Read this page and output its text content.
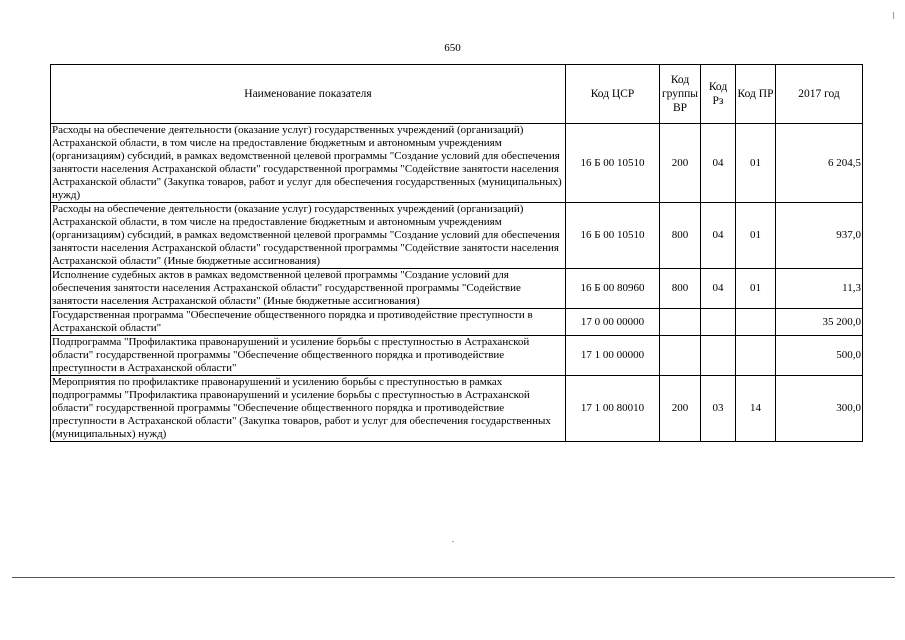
650
Наименование показателя	Код ЦСР	Код группы ВР	Код Рз	Код ПР	2017 год
Расходы на обеспечение деятельности (оказание услуг) государственных учреждений (организаций) Астраханской области, в том числе на предоставление бюджетным и автономным учреждениям (организациям) субсидий, в рамках ведомственной целевой программы "Создание условий для обеспечения занятости населения Астраханской области" государственной программы "Содействие занятости населения Астраханской области" (Закупка товаров, работ и услуг для обеспечения государственных (муниципальных) нужд)	16 Б 00 10510	200	04	01	6 204,5
Расходы на обеспечение деятельности (оказание услуг) государственных учреждений (организаций) Астраханской области, в том числе на предоставление бюджетным и автономным учреждениям (организациям) субсидий, в рамках ведомственной целевой программы "Создание условий для обеспечения занятости населения Астраханской области" государственной программы "Содействие занятости населения Астраханской области" (Иные бюджетные ассигнования)	16 Б 00 10510	800	04	01	937,0
Исполнение судебных актов в рамках ведомственной целевой программы "Создание условий для обеспечения занятости населения Астраханской области" государственной программы "Содействие занятости населения Астраханской области" (Иные бюджетные ассигнования)	16 Б 00 80960	800	04	01	11,3
Государственная программа "Обеспечение общественного порядка и противодействие преступности в Астраханской области"	17 0 00 00000				35 200,0
Подпрограмма "Профилактика правонарушений и усиление борьбы с преступностью в Астраханской области" государственной программы "Обеспечение общественного порядка и противодействие преступности в Астраханской области"	17 1 00 00000				500,0
Мероприятия по профилактике правонарушений и усилению борьбы с преступностью в рамках подпрограммы "Профилактика правонарушений и усиление борьбы с преступностью в Астраханской области" государственной программы "Обеспечение общественного порядка и противодействие преступности в Астраханской области" (Закупка товаров, работ и услуг для обеспечения государственных (муниципальных) нужд)	17 1 00 80010	200	03	14	300,0
